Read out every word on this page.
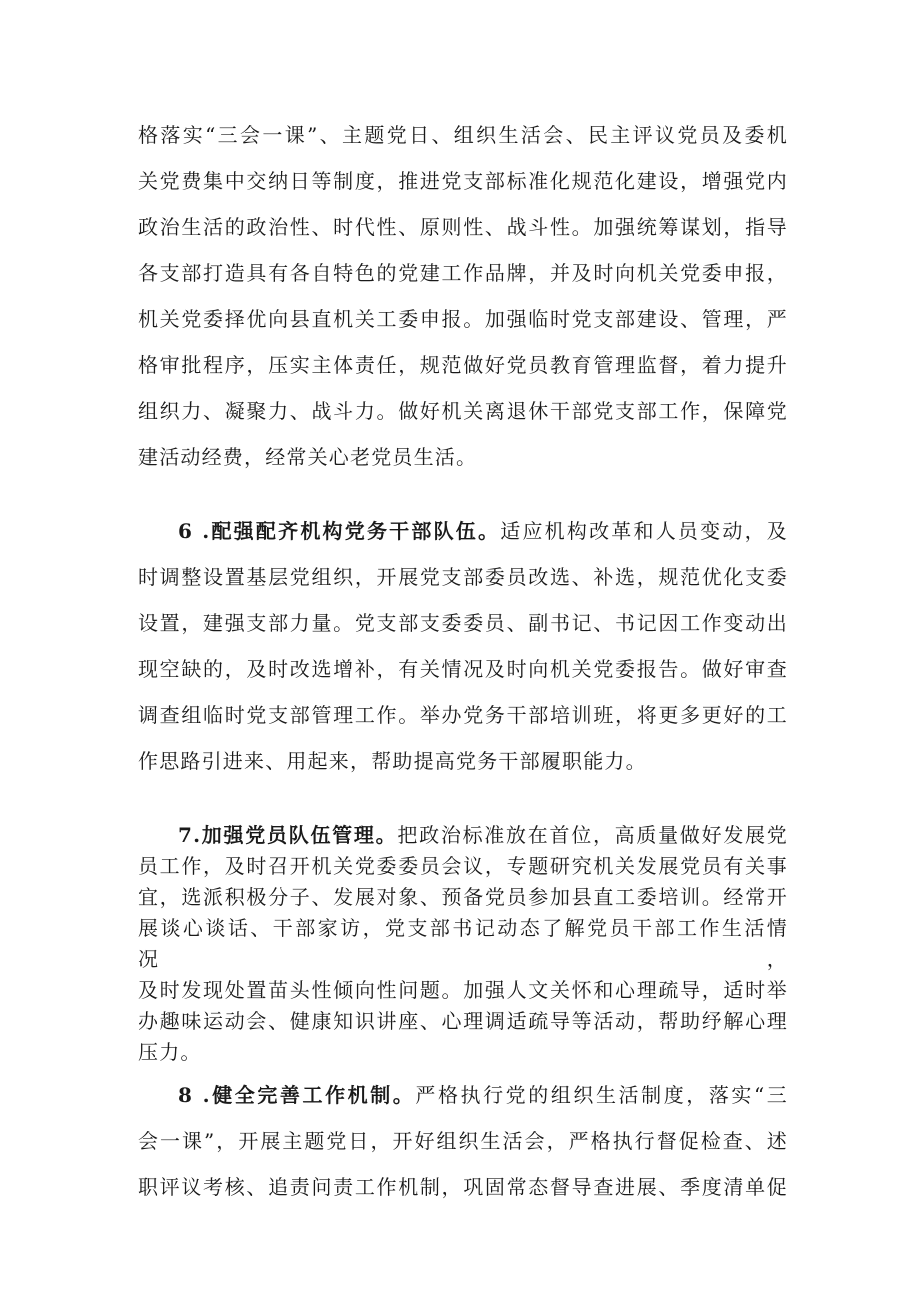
格落实“三会一课”、主题党日、组织生活会、民主评议党员及委机
关党费集中交纳日等制度，推进党支部标准化规范化建设，增强党内
政治生活的政治性、时代性、原则性、战斗性。加强统筹谋划，指导
各支部打造具有各自特色的党建工作品牌，并及时向机关党委申报，
机关党委择优向县直机关工委申报。加强临时党支部建设、管理，严
格审批程序，压实主体责任，规范做好党员教育管理监督，着力提升
组织力、凝聚力、战斗力。做好机关离退休干部党支部工作，保障党
建活动经费，经常关心老党员生活。
6 .配强配齐机构党务干部队伍。适应机构改革和人员变动，及
时调整设置基层党组织，开展党支部委员改选、补选，规范优化支委
设置，建强支部力量。党支部支委委员、副书记、书记因工作变动出
现空缺的，及时改选增补，有关情况及时向机关党委报告。做好审查
调查组临时党支部管理工作。举办党务干部培训班，将更多更好的工
作思路引进来、用起来，帮助提高党务干部履职能力。
7.加强党员队伍管理。把政治标准放在首位，高质量做好发展党
员工作，及时召开机关党委委员会议，专题研究机关发展党员有关事
宜，选派积极分子、发展对象、预备党员参加县直工委培训。经常开
展谈心谈话、干部家访，党支部书记动态了解党员干部工作生活情况，
及时发现处置苗头性倾向性问题。加强人文关怀和心理疏导，适时举
办趣味运动会、健康知识讲座、心理调适疏导等活动，帮助纾解心理
压力。
8 .健全完善工作机制。严格执行党的组织生活制度，落实“三
会一课”，开展主题党日，开好组织生活会，严格执行督促检查、述
职评议考核、追责问责工作机制，巩固常态督导查进展、季度清单促
